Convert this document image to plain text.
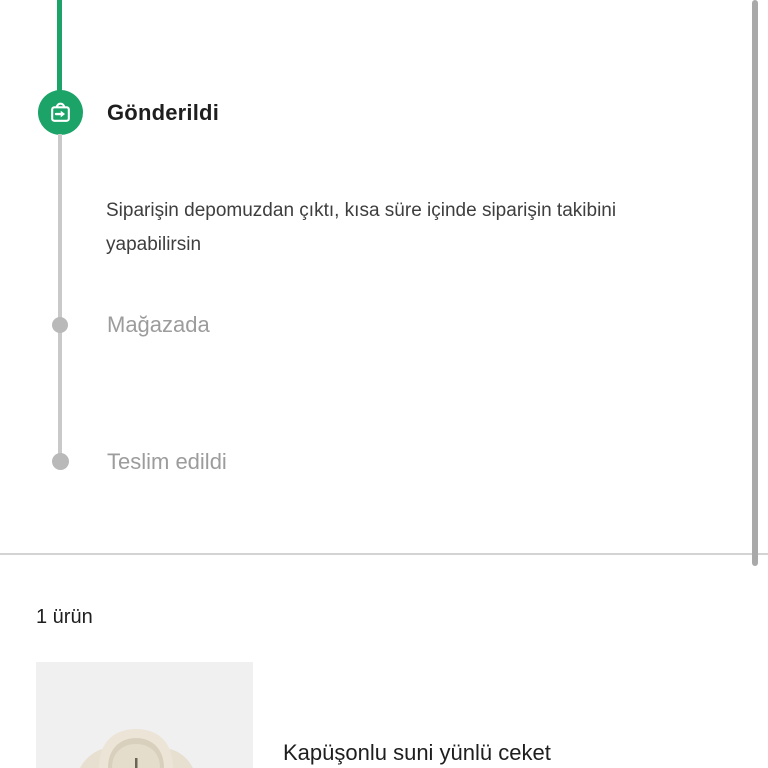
Gönderildi
Siparişin depomuzdan çıktı, kısa süre içinde siparişin takibini yapabilirsin
Mağazada
Teslim edildi
1 ürün
Kapüşonlu suni yünlü ceket
